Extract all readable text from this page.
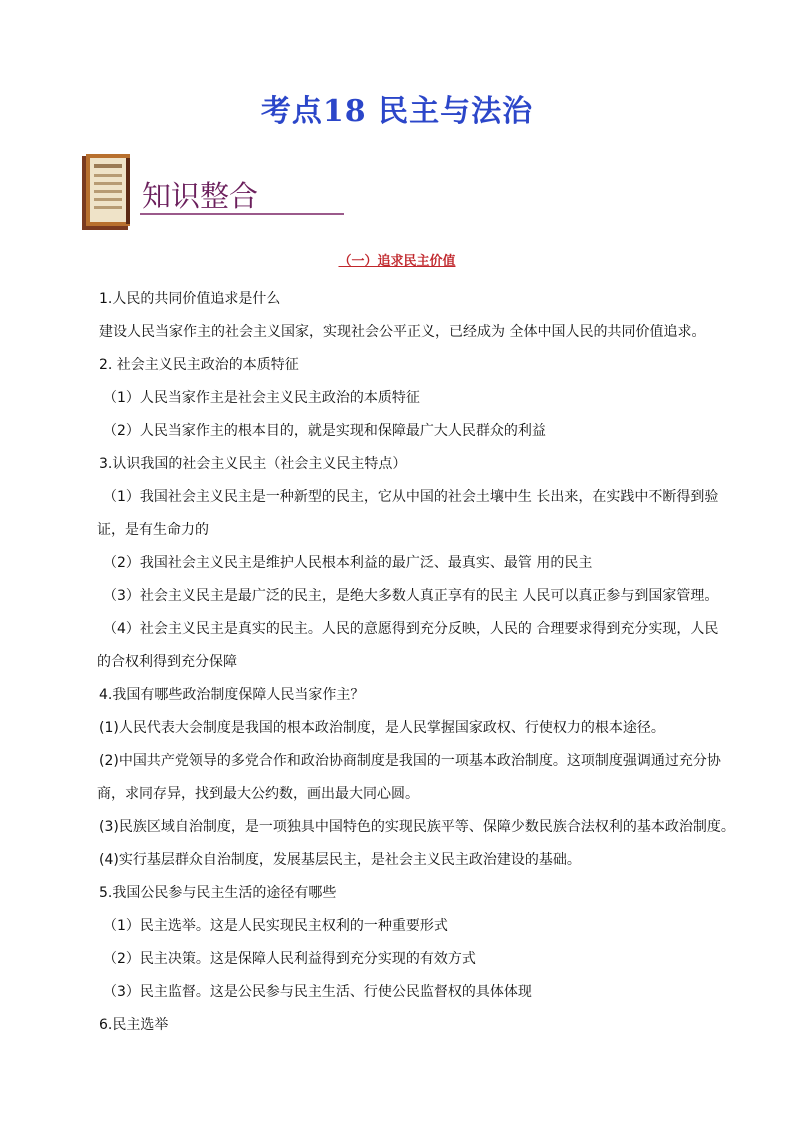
考点18 民主与法治
知识整合
（一）追求民主价值
1.人民的共同价值追求是什么
建设人民当家作主的社会主义国家，实现社会公平正义，已经成为 全体中国人民的共同价值追求。
2. 社会主义民主政治的本质特征
（1）人民当家作主是社会主义民主政治的本质特征
（2）人民当家作主的根本目的，就是实现和保障最广大人民群众的利益
3.认识我国的社会主义民主（社会主义民主特点）
（1）我国社会主义民主是一种新型的民主，它从中国的社会土壤中生 长出来，在实践中不断得到验
证，是有生命力的
（2）我国社会主义民主是维护人民根本利益的最广泛、最真实、最管 用的民主
（3）社会主义民主是最广泛的民主，是绝大多数人真正享有的民主 人民可以真正参与到国家管理。
（4）社会主义民主是真实的民主。人民的意愿得到充分反映，人民的 合理要求得到充分实现，人民
的合权利得到充分保障
4.我国有哪些政治制度保障人民当家作主？
(1)人民代表大会制度是我国的根本政治制度，是人民掌握国家政权、行使权力的根本途径。
(2)中国共产党领导的多党合作和政治协商制度是我国的一项基本政治制度。这项制度强调通过充分协
商，求同存异，找到最大公约数，画出最大同心圆。
(3)民族区域自治制度，是一项独具中国特色的实现民族平等、保障少数民族合法权利的基本政治制度。
(4)实行基层群众自治制度，发展基层民主，是社会主义民主政治建设的基础。
5.我国公民参与民主生活的途径有哪些
（1）民主选举。这是人民实现民主权利的一种重要形式
（2）民主决策。这是保障人民利益得到充分实现的有效方式
（3）民主监督。这是公民参与民主生活、行使公民监督权的具体体现
6.民主选举
